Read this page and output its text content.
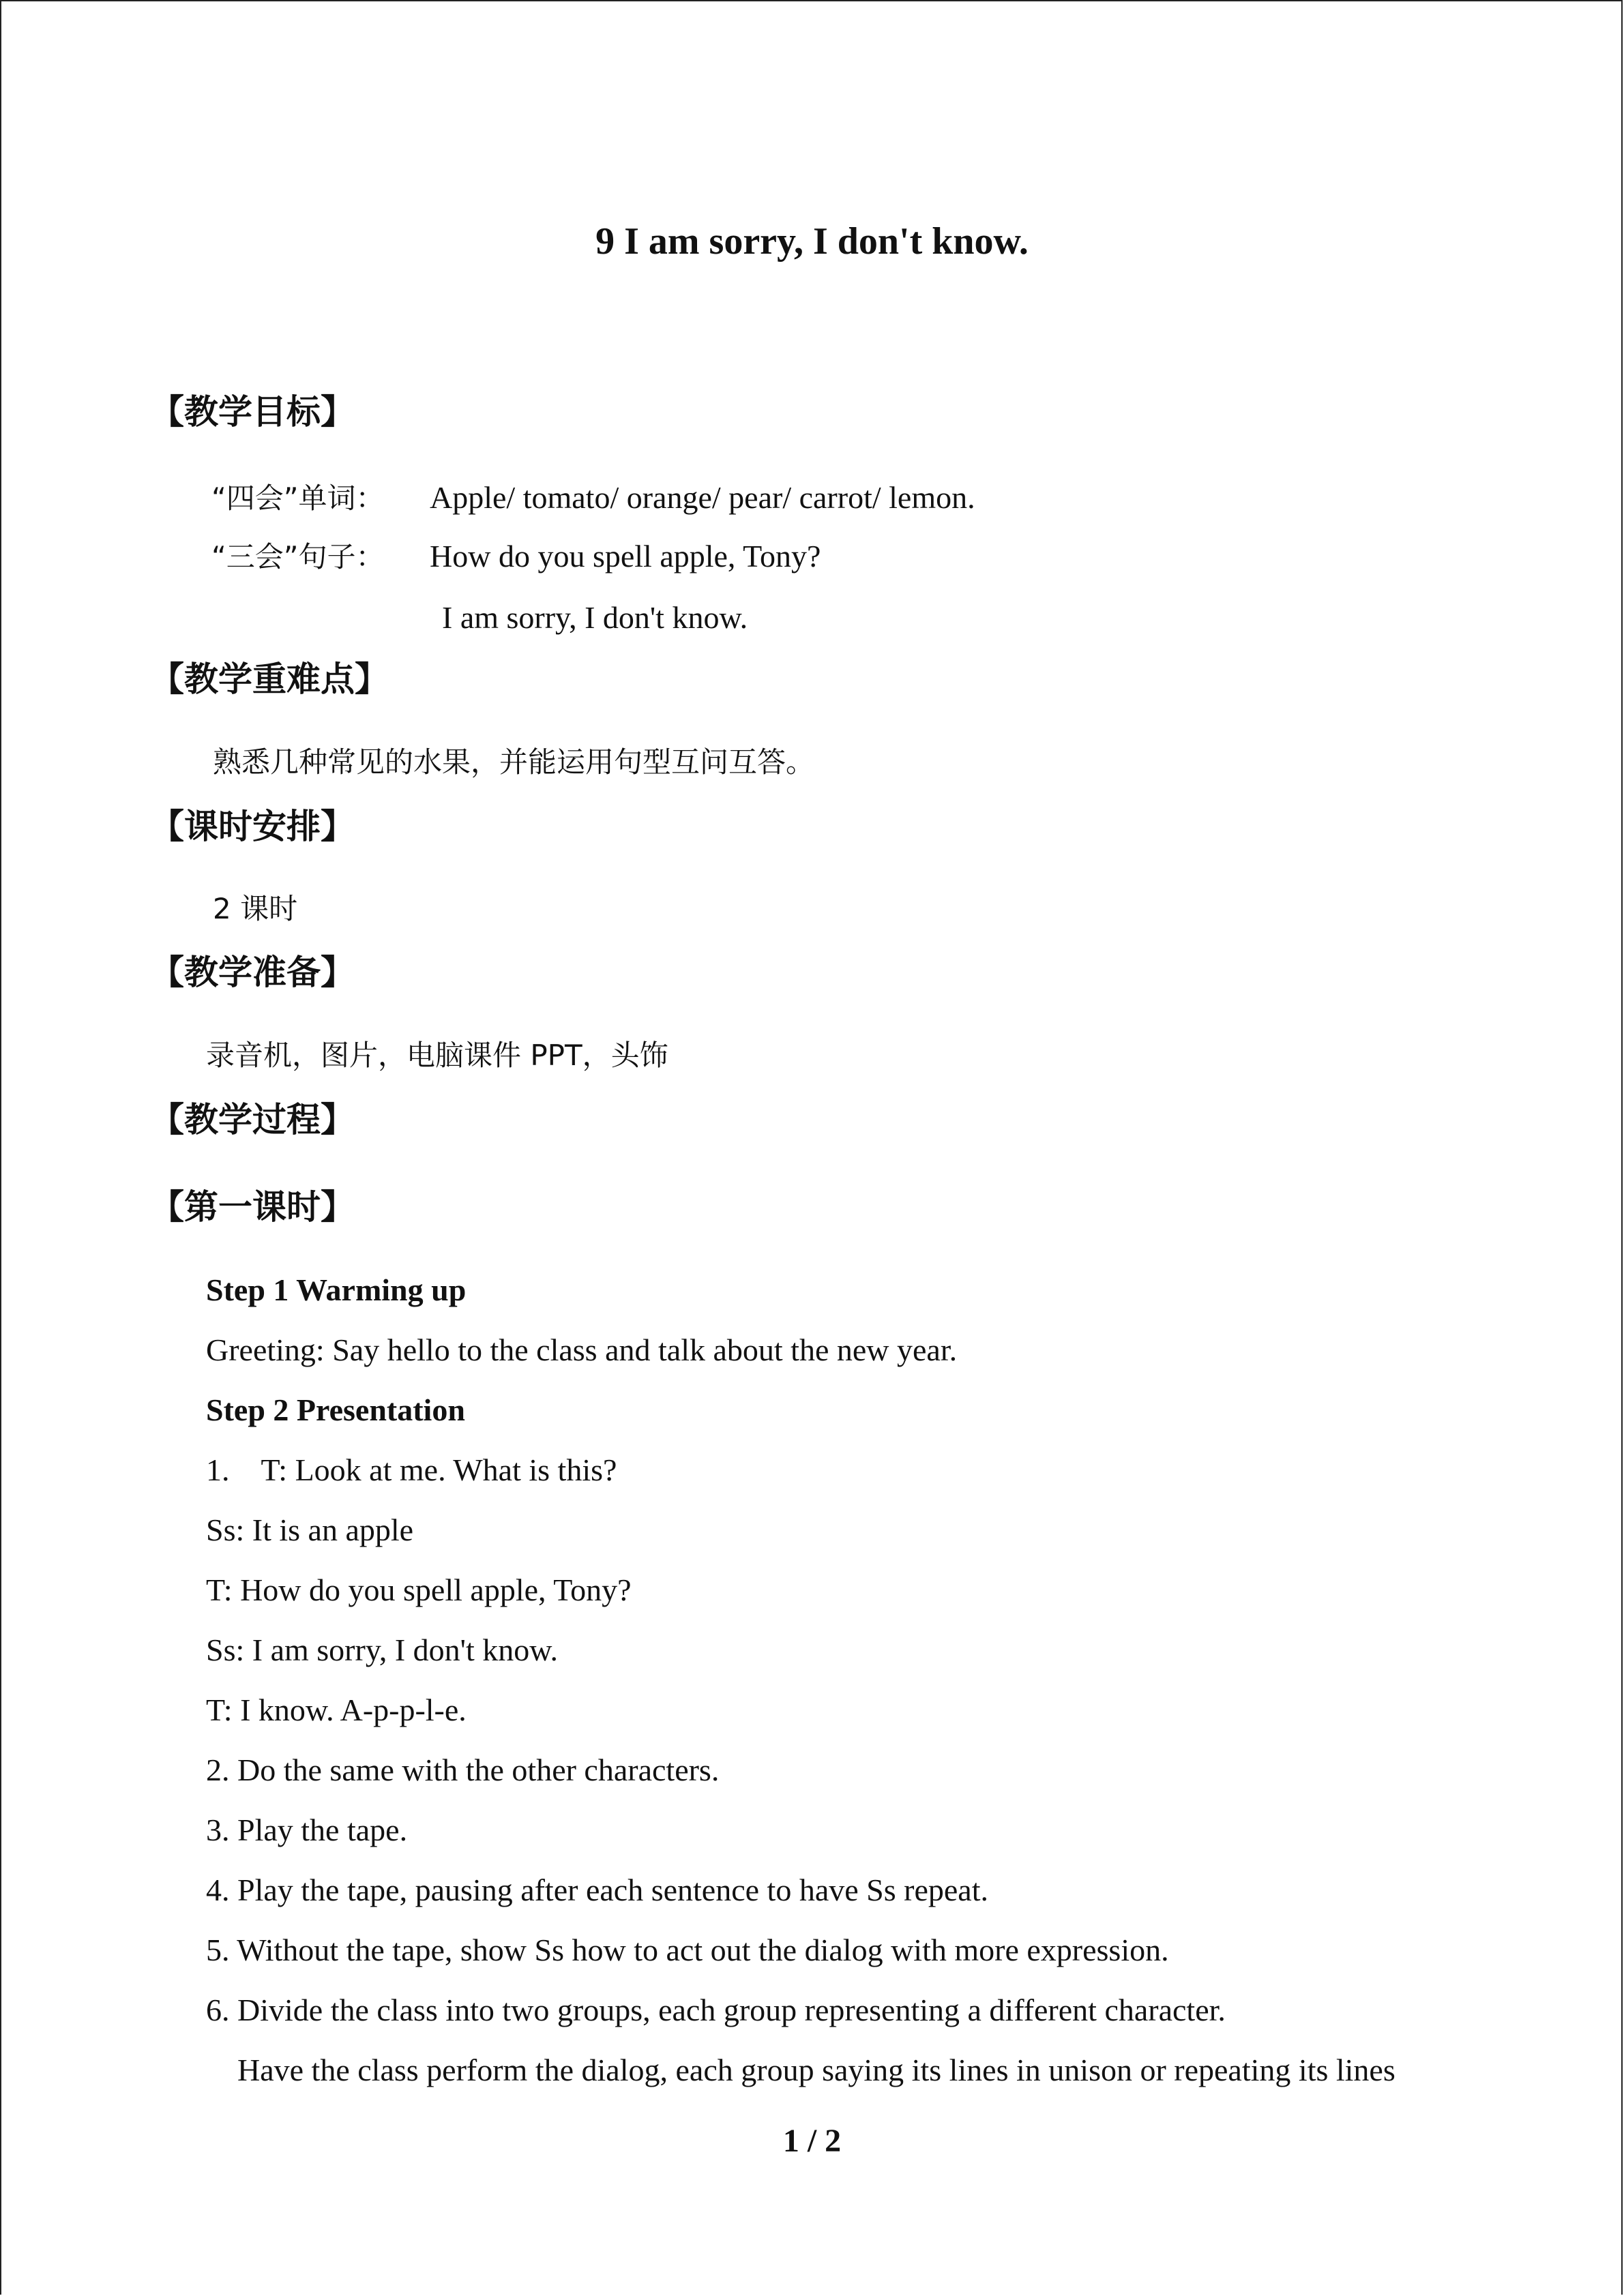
9 I am sorry, I don't know.
【教学目标】
“四会”单词： Apple/ tomato/ orange/ pear/ carrot/ lemon.
“三会”句子： How do you spell apple, Tony?
I am sorry, I don't know.
【教学重难点】
熟悉几种常见的水果，并能运用句型互问互答。
【课时安排】
2 课时
【教学准备】
录音机，图片，电脑课件 PPT，头饰
【教学过程】
【第一课时】
Step 1 Warming up
Greeting: Say hello to the class and talk about the new year.
Step 2 Presentation
1.    T: Look at me. What is this?
Ss: It is an apple
T: How do you spell apple, Tony?
Ss: I am sorry, I don't know.
T: I know. A-p-p-l-e.
2. Do the same with the other characters.
3. Play the tape.
4. Play the tape, pausing after each sentence to have Ss repeat.
5. Without the tape, show Ss how to act out the dialog with more expression.
6. Divide the class into two groups, each group representing a different character.
Have the class perform the dialog, each group saying its lines in unison or repeating its lines
1 / 2
